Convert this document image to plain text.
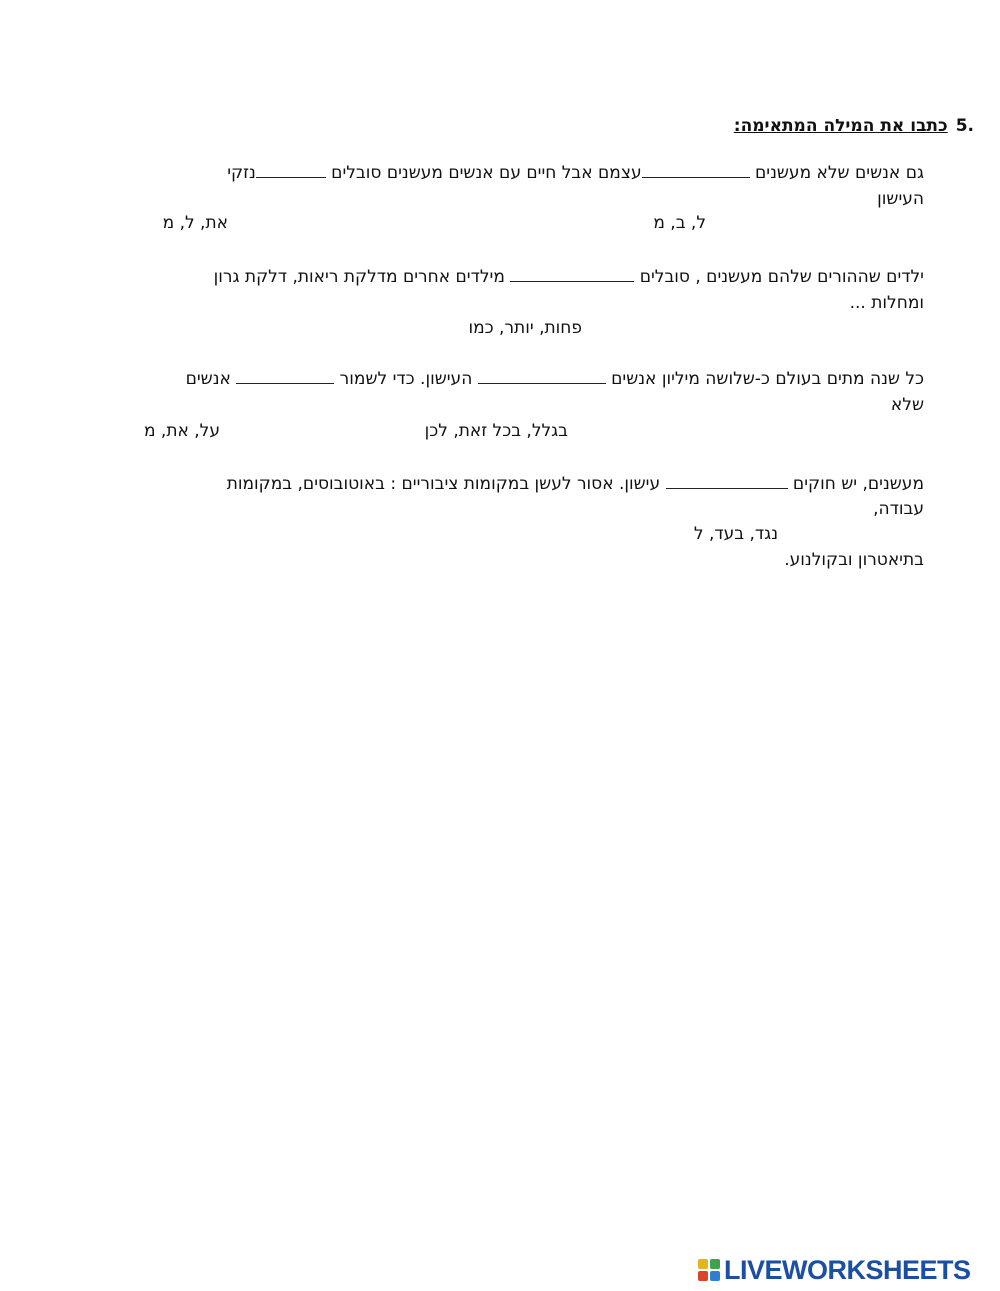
.5כתבו את המילה המתאימה:
גם אנשים שלא מעשנים עצמם אבל חיים עם אנשים מעשנים סובלים נזקי
העישון
ל, ב, מ
את, ל, מ
ילדים שההורים שלהם מעשנים , סובלים  מילדים אחרים מדלקת ריאות, דלקת גרון
ומחלות ...
פחות, יותר, כמו
כל שנה מתים בעולם כ-שלושה מיליון אנשים  העישון. כדי לשמור  אנשים
שלא
בגלל, בכל זאת, לכן
על, את, מ
מעשנים, יש חוקים  עישון. אסור לעשן במקומות ציבוריים : באוטובוסים, במקומות
עבודה,
נגד, בעד, ל
בתיאטרון ובקולנוע.
LIVEWORKSHEETS
